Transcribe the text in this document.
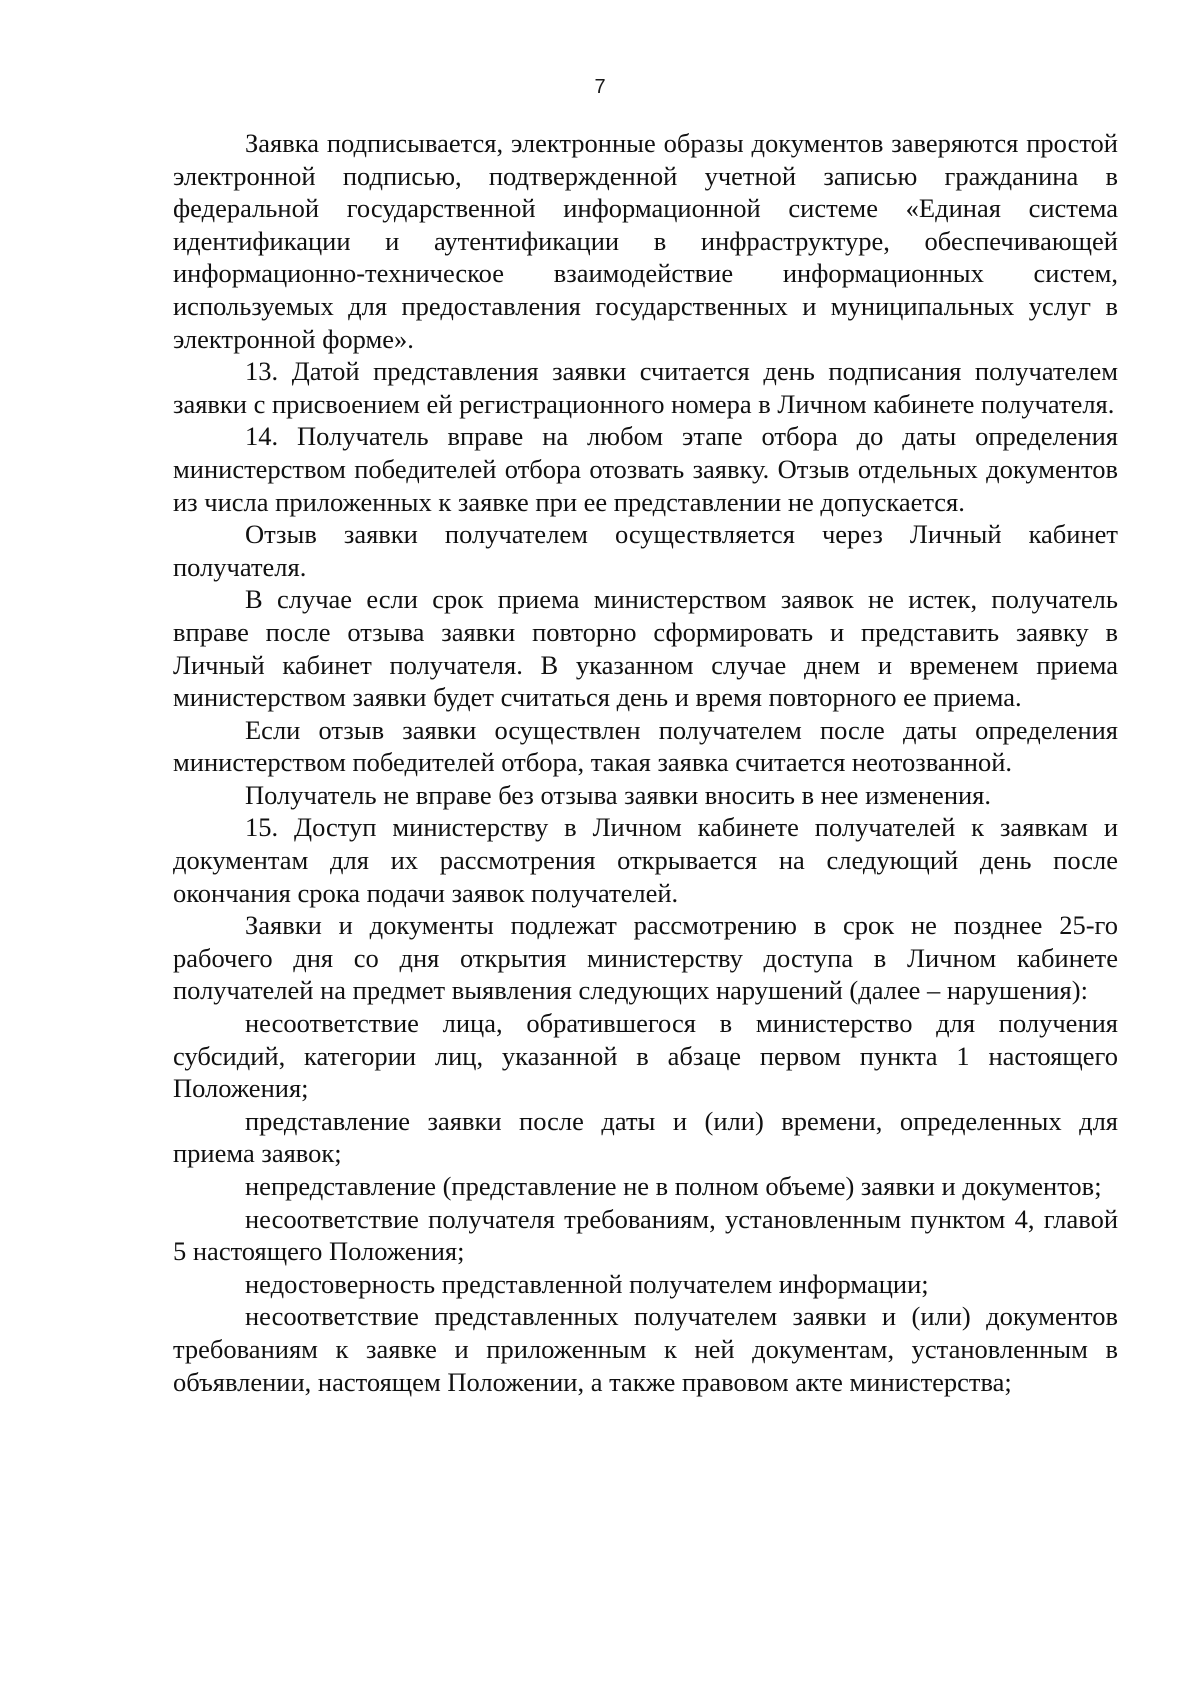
7

Заявка подписывается, электронные образы документов заверяются простой электронной подписью, подтвержденной учетной записью гражданина в федеральной государственной информационной системе «Единая система идентификации и аутентификации в инфраструктуре, обеспечивающей информационно-техническое взаимодействие информационных систем, используемых для предоставления государственных и муниципальных услуг в электронной форме».

13. Датой представления заявки считается день подписания получателем заявки с присвоением ей регистрационного номера в Личном кабинете получателя.

14. Получатель вправе на любом этапе отбора до даты определения министерством победителей отбора отозвать заявку. Отзыв отдельных документов из числа приложенных к заявке при ее представлении не допускается.

Отзыв заявки получателем осуществляется через Личный кабинет получателя.

В случае если срок приема министерством заявок не истек, получатель вправе после отзыва заявки повторно сформировать и представить заявку в Личный кабинет получателя. В указанном случае днем и временем приема министерством заявки будет считаться день и время повторного ее приема.

Если отзыв заявки осуществлен получателем после даты определения министерством победителей отбора, такая заявка считается неотозванной.

Получатель не вправе без отзыва заявки вносить в нее изменения.

15. Доступ министерству в Личном кабинете получателей к заявкам и документам для их рассмотрения открывается на следующий день после окончания срока подачи заявок получателей.

Заявки и документы подлежат рассмотрению в срок не позднее 25-го рабочего дня со дня открытия министерству доступа в Личном кабинете получателей на предмет выявления следующих нарушений (далее – нарушения):

несоответствие лица, обратившегося в министерство для получения субсидий, категории лиц, указанной в абзаце первом пункта 1 настоящего Положения;

представление заявки после даты и (или) времени, определенных для приема заявок;

непредставление (представление не в полном объеме) заявки и документов;

несоответствие получателя требованиям, установленным пунктом 4, главой 5 настоящего Положения;

недостоверность представленной получателем информации;

несоответствие представленных получателем заявки и (или) документов требованиям к заявке и приложенным к ней документам, установленным в объявлении, настоящем Положении, а также правовом акте министерства;
